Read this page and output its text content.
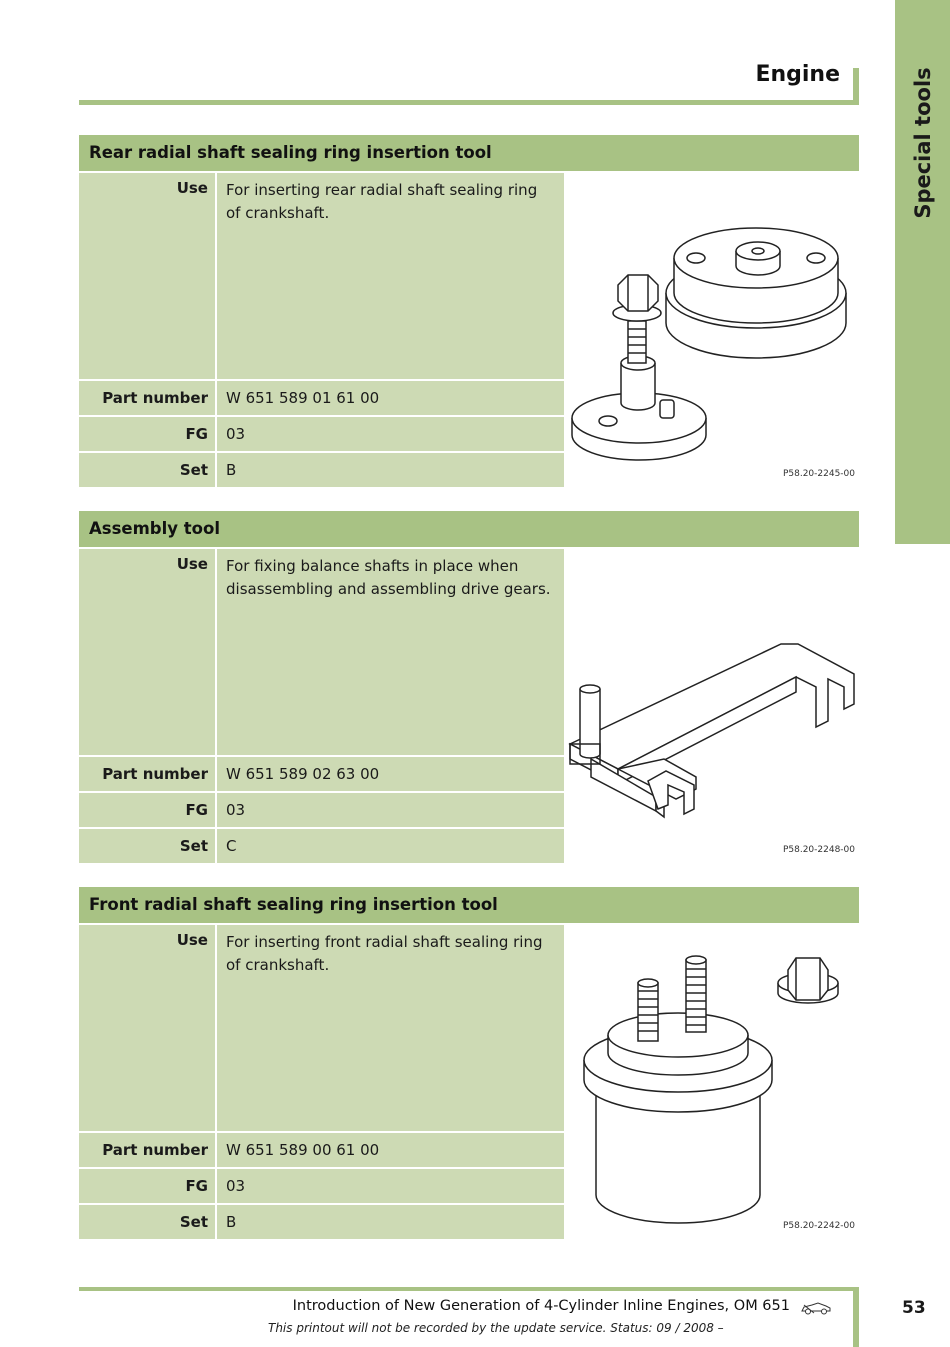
Special tools
Engine
Rear radial shaft sealing ring insertion tool
Use	For inserting rear radial shaft sealing ring of crankshaft.
Part number	W 651 589 01 61 00
FG	03
Set	B	P58.20-2245-00
Assembly tool
Use	For fixing balance shafts in place when disassembling and assembling drive gears.
Part number	W 651 589 02 63 00
FG	03
Set	C	P58.20-2248-00
Front radial shaft sealing ring insertion tool
Use	For inserting front radial shaft sealing ring of crankshaft.
Part number	W 651 589 00 61 00
FG	03
Set	B	P58.20-2242-00
Introduction of New Generation of 4-Cylinder Inline Engines, OM 651
This printout will not be recorded by the update service. Status: 09 / 2008 –
53
